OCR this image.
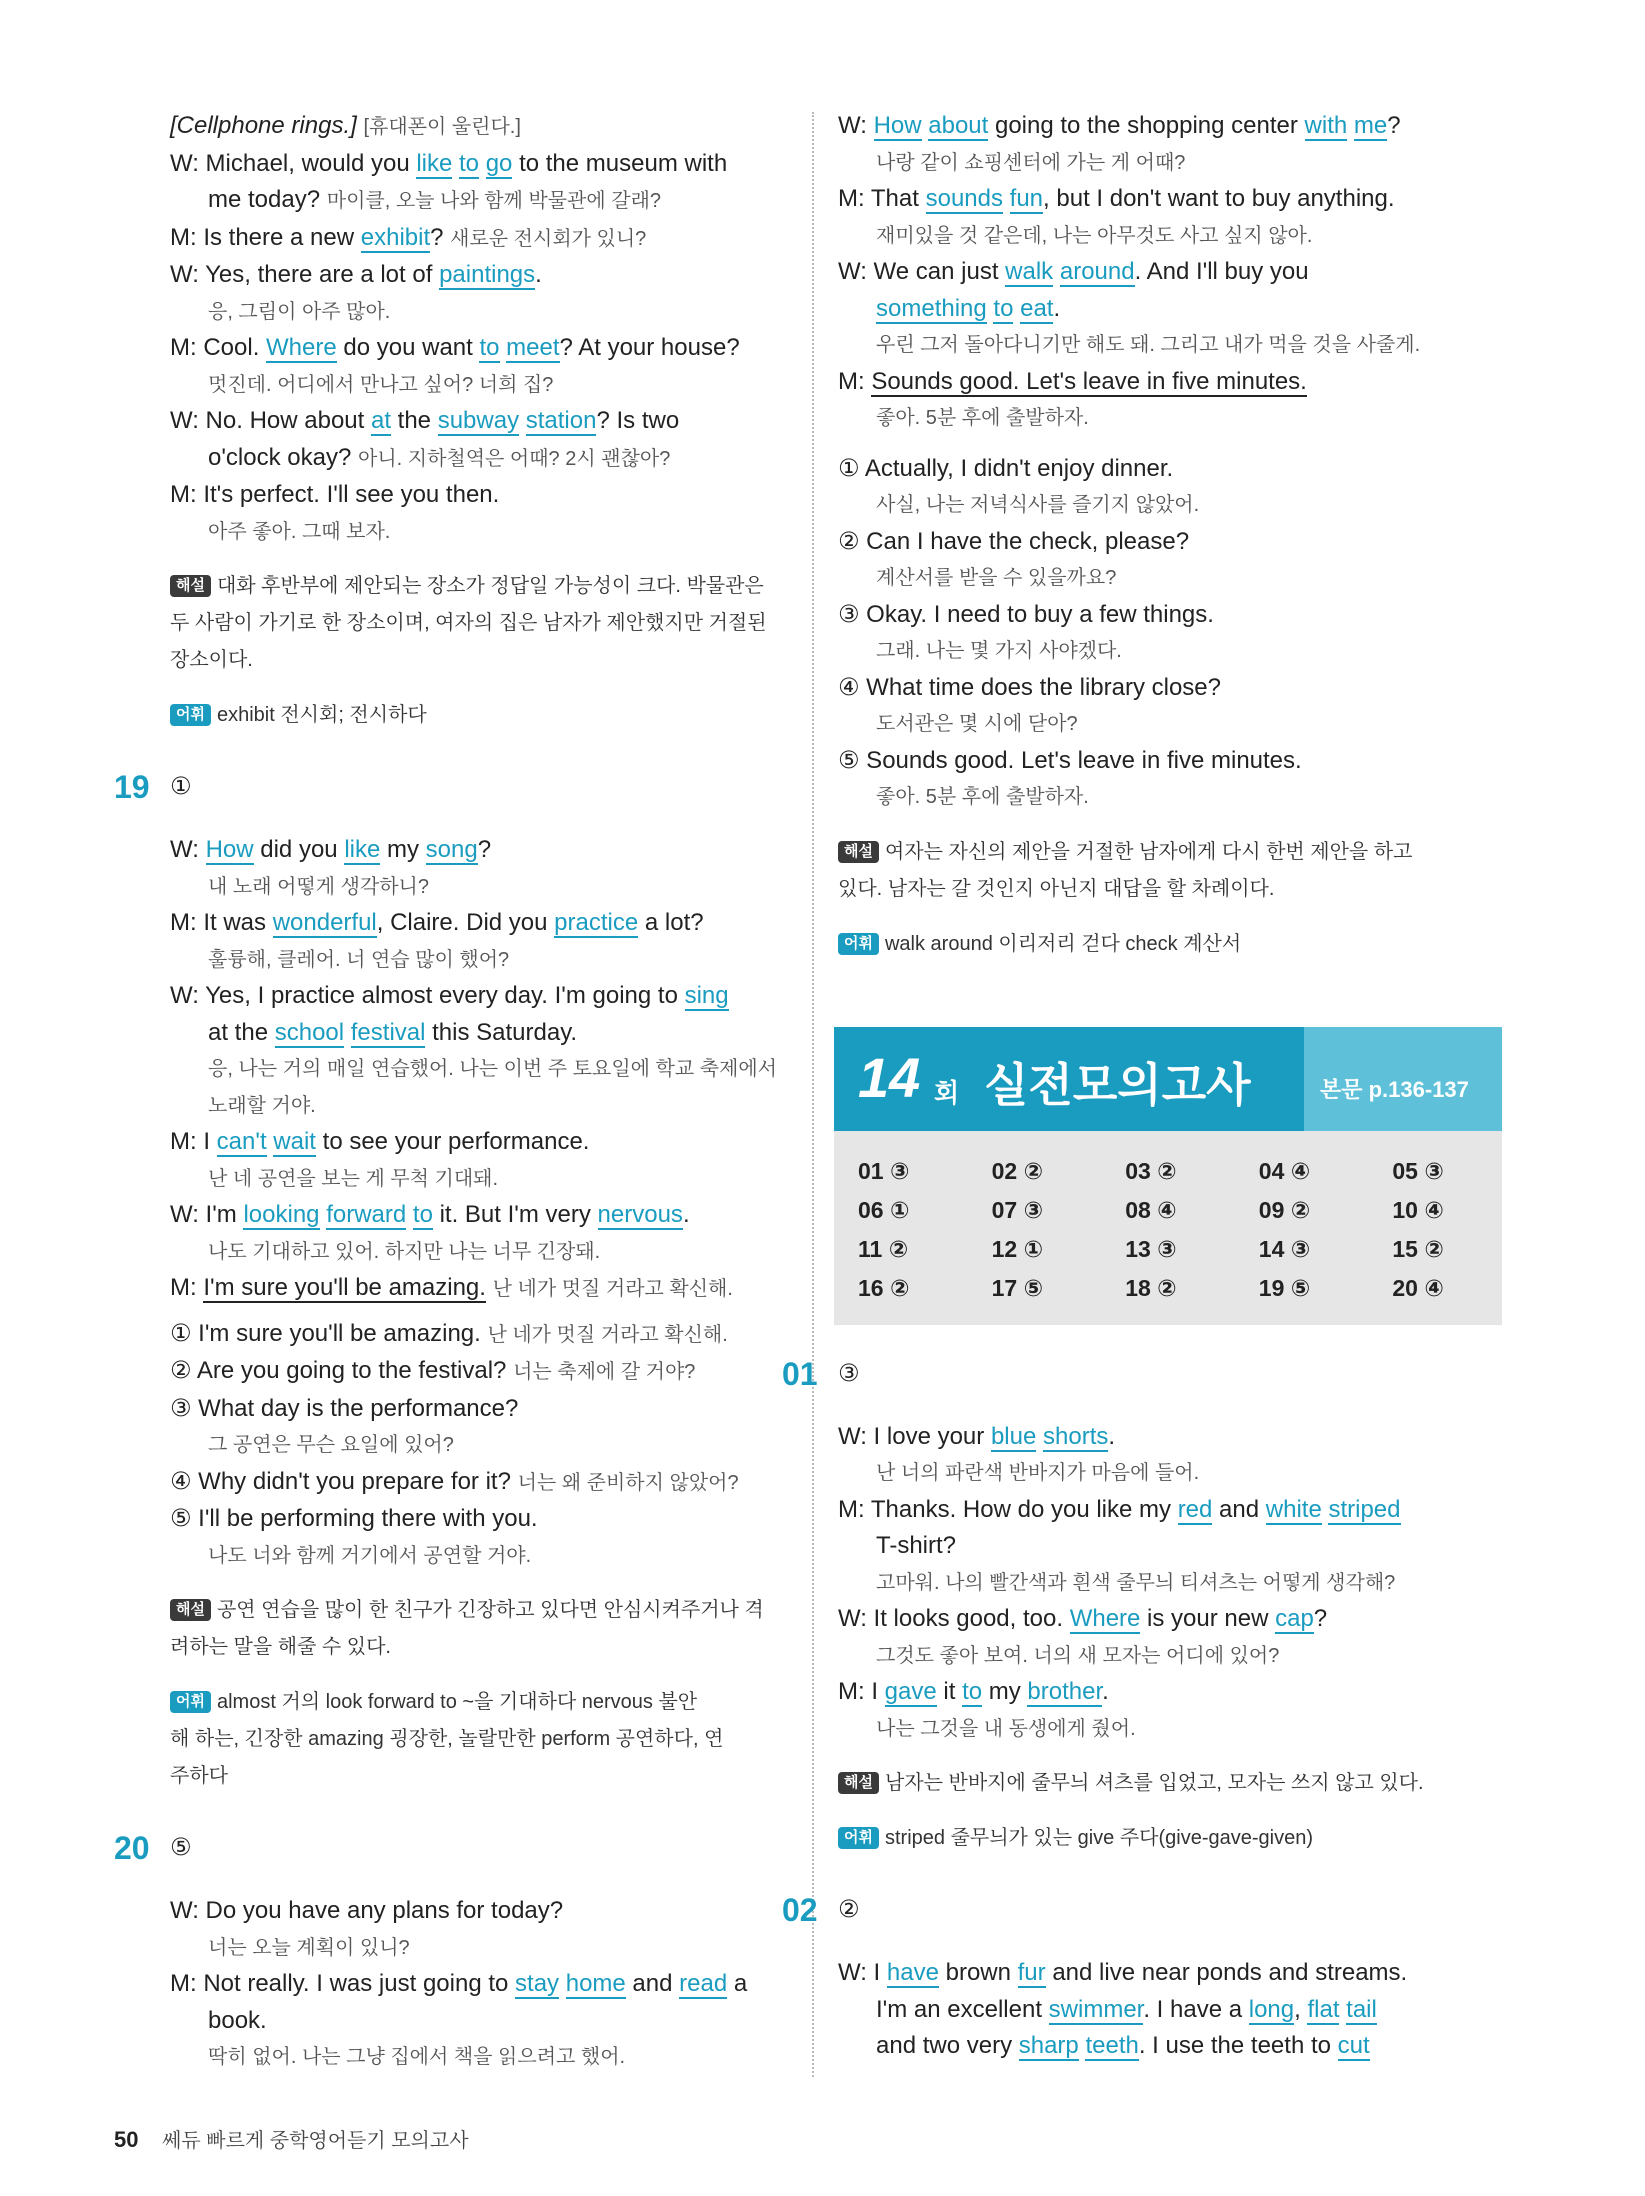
[Cellphone rings.] [휴대폰이 울린다.]
W: Michael, would you like to go to the museum with
me today? 마이클, 오늘 나와 함께 박물관에 갈래?
M: Is there a new exhibit? 새로운 전시회가 있니?
W: Yes, there are a lot of paintings.
응, 그림이 아주 많아.
M: Cool. Where do you want to meet? At your house?
멋진데. 어디에서 만나고 싶어? 너희 집?
W: No. How about at the subway station? Is two
o'clock okay? 아니. 지하철역은 어때? 2시 괜찮아?
M: It's perfect. I'll see you then.
아주 좋아. 그때 보자.
해설 대화 후반부에 제안되는 장소가 정답일 가능성이 크다. 박물관은
두 사람이 가기로 한 장소이며, 여자의 집은 남자가 제안했지만 거절된
장소이다.
어휘 exhibit 전시회; 전시하다
19 ①
W: How did you like my song?
내 노래 어떻게 생각하니?
M: It was wonderful, Claire. Did you practice a lot?
훌륭해, 클레어. 너 연습 많이 했어?
W: Yes, I practice almost every day. I'm going to sing
at the school festival this Saturday.
응, 나는 거의 매일 연습했어. 나는 이번 주 토요일에 학교 축제에서
노래할 거야.
M: I can't wait to see your performance.
난 네 공연을 보는 게 무척 기대돼.
W: I'm looking forward to it. But I'm very nervous.
나도 기대하고 있어. 하지만 나는 너무 긴장돼.
M: I'm sure you'll be amazing. 난 네가 멋질 거라고 확신해.
① I'm sure you'll be amazing. 난 네가 멋질 거라고 확신해.
② Are you going to the festival? 너는 축제에 갈 거야?
③ What day is the performance?
그 공연은 무슨 요일에 있어?
④ Why didn't you prepare for it? 너는 왜 준비하지 않았어?
⑤ I'll be performing there with you.
나도 너와 함께 거기에서 공연할 거야.
해설 공연 연습을 많이 한 친구가 긴장하고 있다면 안심시켜주거나 격
려하는 말을 해줄 수 있다.
어휘 almost 거의 look forward to ~을 기대하다 nervous 불안
해 하는, 긴장한 amazing 굉장한, 놀랄만한 perform 공연하다, 연
주하다
20 ⑤
W: Do you have any plans for today?
너는 오늘 계획이 있니?
M: Not really. I was just going to stay home and read a
book.
딱히 없어. 나는 그냥 집에서 책을 읽으려고 했어.
W: How about going to the shopping center with me?
나랑 같이 쇼핑센터에 가는 게 어때?
M: That sounds fun, but I don't want to buy anything.
재미있을 것 같은데, 나는 아무것도 사고 싶지 않아.
W: We can just walk around. And I'll buy you
something to eat.
우린 그저 돌아다니기만 해도 돼. 그리고 내가 먹을 것을 사줄게.
M: Sounds good. Let's leave in five minutes.
좋아. 5분 후에 출발하자.
① Actually, I didn't enjoy dinner.
사실, 나는 저녁식사를 즐기지 않았어.
② Can I have the check, please?
계산서를 받을 수 있을까요?
③ Okay. I need to buy a few things.
그래. 나는 몇 가지 사야겠다.
④ What time does the library close?
도서관은 몇 시에 닫아?
⑤ Sounds good. Let's leave in five minutes.
좋아. 5분 후에 출발하자.
해설 여자는 자신의 제안을 거절한 남자에게 다시 한번 제안을 하고
있다. 남자는 갈 것인지 아닌지 대답을 할 차례이다.
어휘 walk around 이리저리 걷다 check 계산서
14 회 실전모의고사	본문 p.136-137
01 ③	02 ②	03 ②	04 ④	05 ③
06 ①	07 ③	08 ④	09 ②	10 ④
11 ②	12 ①	13 ③	14 ③	15 ②
16 ②	17 ⑤	18 ②	19 ⑤	20 ④
01 ③
W: I love your blue shorts.
난 너의 파란색 반바지가 마음에 들어.
M: Thanks. How do you like my red and white striped
T-shirt?
고마워. 나의 빨간색과 흰색 줄무늬 티셔츠는 어떻게 생각해?
W: It looks good, too. Where is your new cap?
그것도 좋아 보여. 너의 새 모자는 어디에 있어?
M: I gave it to my brother.
나는 그것을 내 동생에게 줬어.
해설 남자는 반바지에 줄무늬 셔츠를 입었고, 모자는 쓰지 않고 있다.
어휘 striped 줄무늬가 있는 give 주다(give-gave-given)
02 ②
W: I have brown fur and live near ponds and streams.
I'm an excellent swimmer. I have a long, flat tail
and two very sharp teeth. I use the teeth to cut
50 쎄듀 빠르게 중학영어듣기 모의고사
